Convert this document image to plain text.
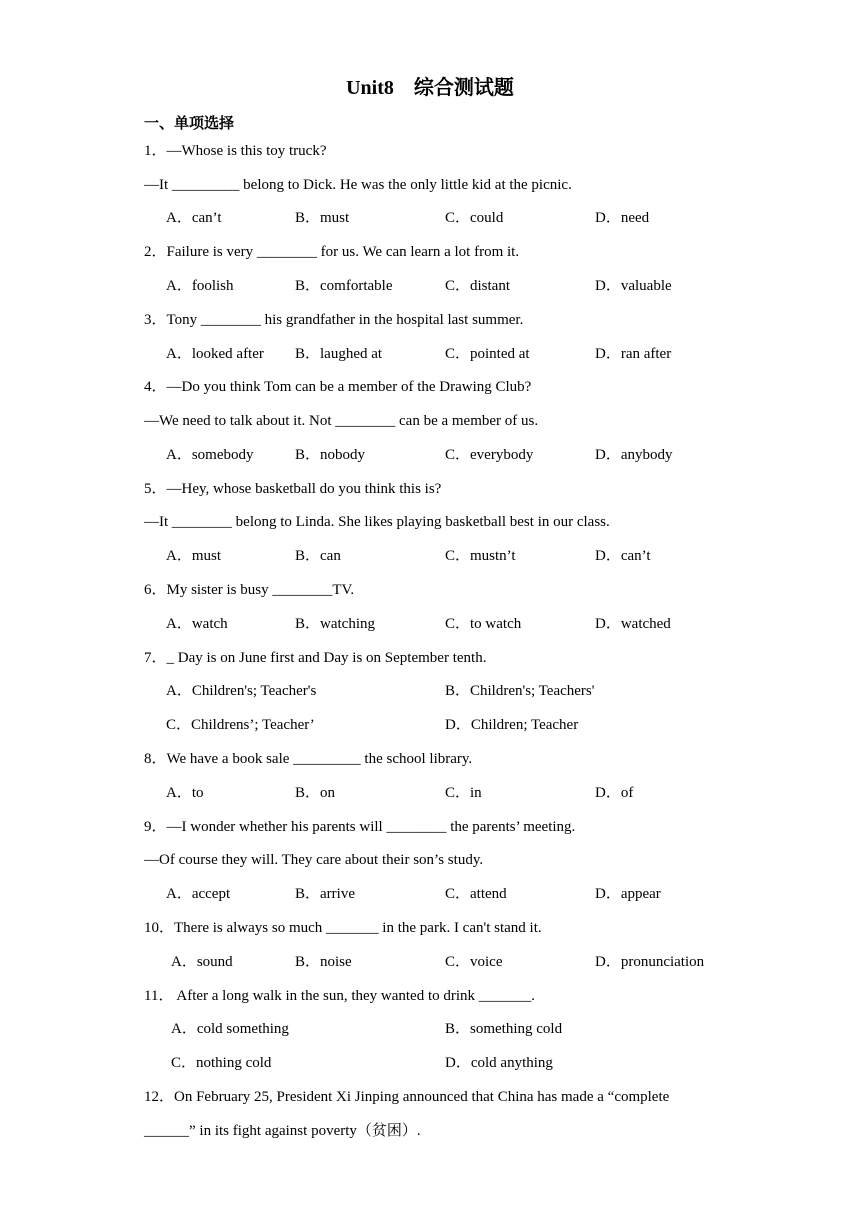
Unit8　综合测试题
一、单项选择
1．—Whose is this toy truck?
—It _________ belong to Dick. He was the only little kid at the picnic.
A．can’t	B．must	C．could	D．need
2．Failure is very ________ for us. We can learn a lot from it.
A．foolish	B．comfortable	C．distant	D．valuable
3．Tony ________ his grandfather in the hospital last summer.
A．looked after B．laughed at	C．pointed at	D．ran after
4．—Do you think Tom can be a member of the Drawing Club?
—We need to talk about it. Not ________ can be a member of us.
A．somebody	B．nobody	C．everybody	D．anybody
5．—Hey, whose basketball do you think this is?
—It ________ belong to Linda. She likes playing basketball best in our class.
A．must	B．can	C．mustn’t	D．can’t
6．My sister is busy ________TV.
A．watch	B．watching	C．to watch	D．watched
7．_ Day is on June first and Day is on September tenth.
A．Children's; Teacher's	B．Children's; Teachers'
C．Childrens’; Teacher’	D．Children; Teacher
8．We have a book sale _________ the school library.
A．to	B．on	C．in	D．of
9．—I wonder whether his parents will ________ the parents’ meeting.
—Of course they will. They care about their son’s study.
A．accept	B．arrive	C．attend	D．appear
10．There is always so much _______ in the park. I can't stand it.
A．sound	B．noise	C．voice	D．pronunciation
11． After a long walk in the sun, they wanted to drink _______.
A．cold something	B．something cold
C．nothing cold	D．cold anything
12．On February 25, President Xi Jinping announced that China has made a “complete
______” in its fight against poverty（贫困）.
